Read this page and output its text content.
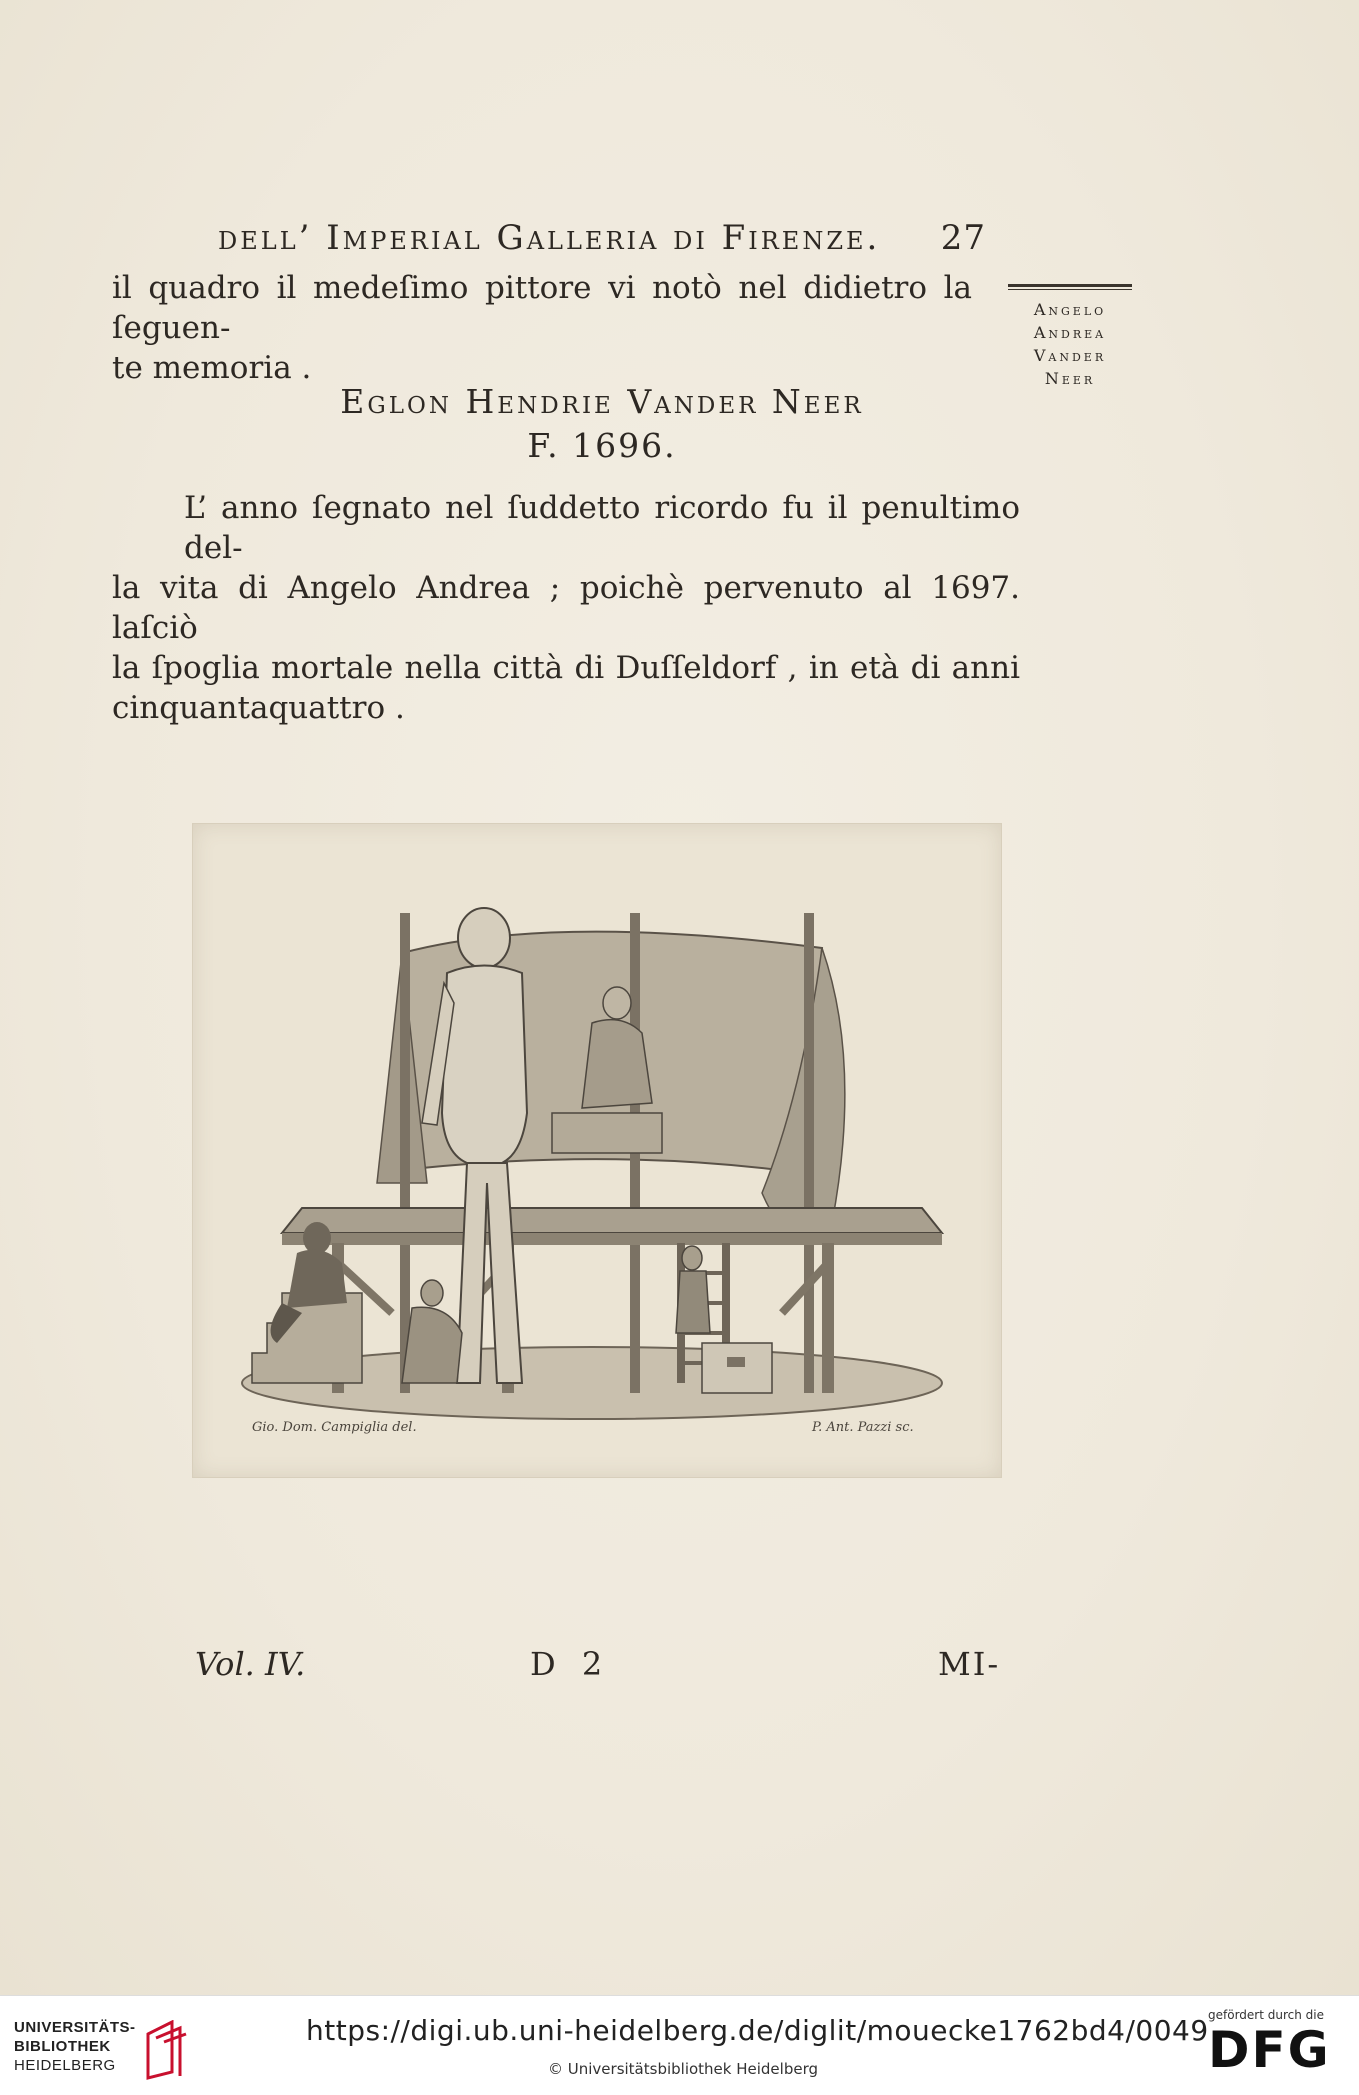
dell’ Imperial Galleria di Firenze. 27
il quadro il medeſimo pittore vi notò nel didietro la ſeguen-
te memoria .
Angelo
Andrea
Vander
Neer
Eglon Hendrie Vander Neer
F. 1696.
L’ anno ſegnato nel ſuddetto ricordo fu il penultimo del-
la vita di Angelo Andrea ; poichè pervenuto al 1697. laſciò
la ſpoglia mortale nella città di Duſſeldorf , in età di anni
cinquantaquattro .
Gio. Dom. Campiglia del.	P. Ant. Pazzi sc.
Vol. IV.	D 2	MI-
UNIVERSITÄTS-
BIBLIOTHEK
HEIDELBERG
https://digi.ub.uni-heidelberg.de/diglit/mouecke1762bd4/0049
© Universitätsbibliothek Heidelberg
gefördert durch die
DFG
